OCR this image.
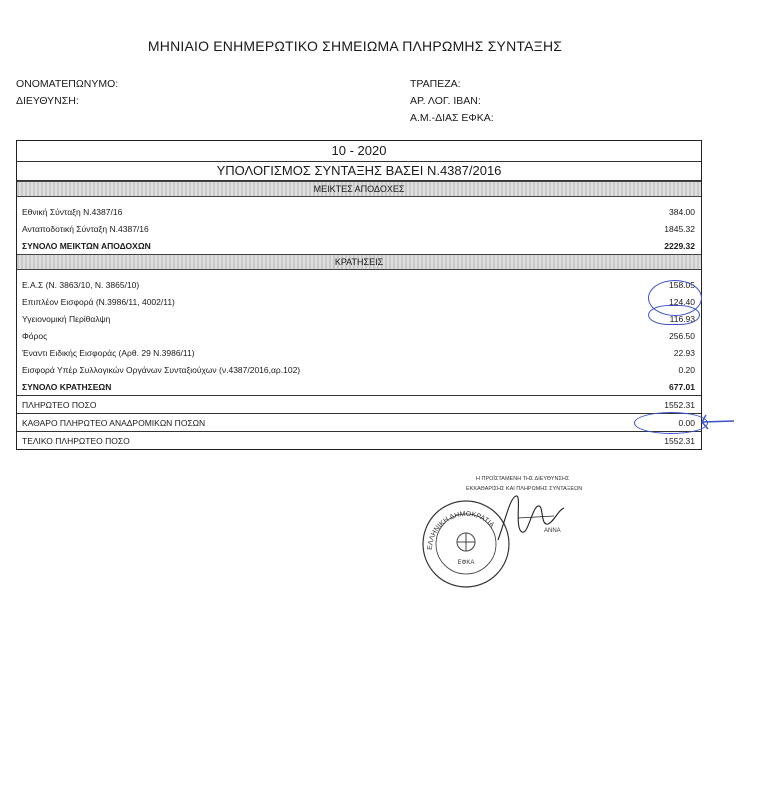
ΜΗΝΙΑΙΟ ΕΝΗΜΕΡΩΤΙΚΟ ΣΗΜΕΙΩΜΑ ΠΛΗΡΩΜΗΣ ΣΥΝΤΑΞΗΣ
ΟΝΟΜΑΤΕΠΩΝΥΜΟ:
ΔΙΕΥΘΥΝΣΗ:
ΤΡΑΠΕΖΑ:
ΑΡ. ΛΟΓ. IBAN:
Α.Μ.-ΔΙΑΣ ΕΦΚΑ:
10 - 2020
ΥΠΟΛΟΓΙΣΜΟΣ ΣΥΝΤΑΞΗΣ ΒΑΣΕΙ Ν.4387/2016
ΜΕΙΚΤΕΣ ΑΠΟΔΟΧΕΣ
Εθνική Σύνταξη Ν.4387/16	384.00
Ανταποδοτική Σύνταξη Ν.4387/16	1845.32
ΣΥΝΟΛΟ ΜΕΙΚΤΩΝ ΑΠΟΔΟΧΩΝ	2229.32
ΚΡΑΤΗΣΕΙΣ
Ε.Α.Σ (Ν. 3863/10, Ν. 3865/10)	158.05
Επιπλέον Εισφορά (Ν.3986/11, 4002/11)	124.40
Υγειονομική Περίθαλψη	116.93
Φόρος	256.50
Έναντι Ειδικής Εισφοράς (Αρθ. 29 Ν.3986/11)	22.93
Εισφορά Υπέρ Συλλογικών Οργάνων Συνταξιούχων (ν.4387/2016,αρ.102)	0.20
ΣΥΝΟΛΟ ΚΡΑΤΗΣΕΩΝ	677.01
ΠΛΗΡΩΤΕΟ ΠΟΣΟ	1552.31
ΚΑΘΑΡΟ ΠΛΗΡΩΤΕΟ ΑΝΑΔΡΟΜΙΚΩΝ ΠΟΣΩΝ	0.00
ΤΕΛΙΚΟ ΠΛΗΡΩΤΕΟ ΠΟΣΟ	1552.31
Η ΠΡΟΪΣΤΑΜΕΝΗ ΤΗΣ ΔΙΕΥΘΥΝΣΗΣ
ΕΚΚΑΘΑΡΙΣΗΣ ΚΑΙ ΠΛΗΡΩΜΗΣ ΣΥΝΤΑΞΕΩΝ
ΕΦΚΑ
ΕΛΛΗΝΙΚΗ ΔΗΜΟΚΡΑΤΙΑ
ΑΝΝΑ
